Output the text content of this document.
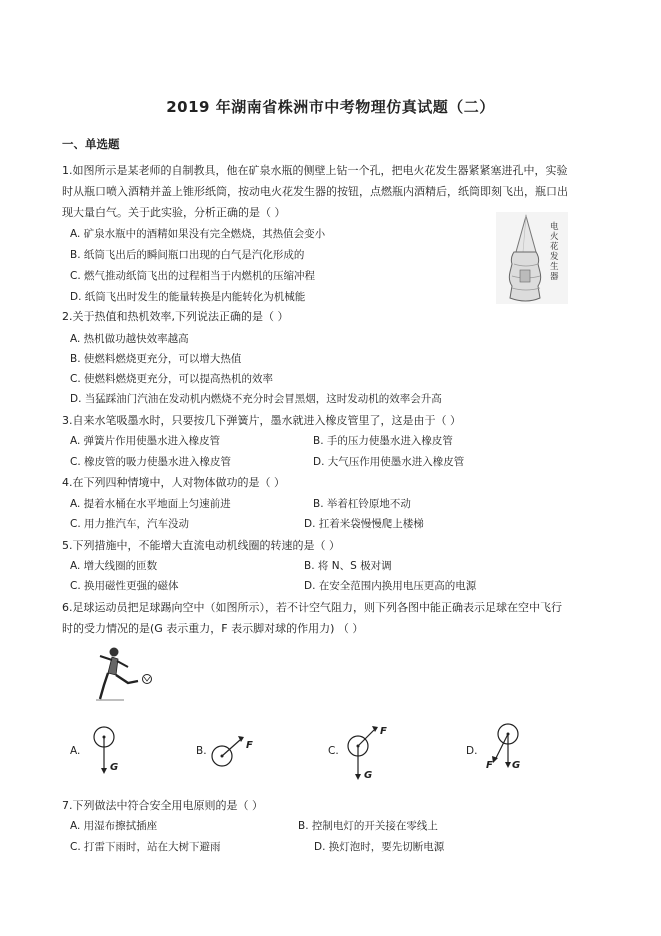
2019 年湖南省株洲市中考物理仿真试题（二）
一、单选题
1.如图所示是某老师的自制教具，他在矿泉水瓶的侧壁上钻一个孔，把电火花发生器紧紧塞进孔中，实验
时从瓶口喷入酒精并盖上锥形纸筒，按动电火花发生器的按钮，点燃瓶内酒精后，纸筒即刻飞出，瓶口出
现大量白气。关于此实验，分析正确的是（ ）
A. 矿泉水瓶中的酒精如果没有完全燃烧，其热值会变小
B. 纸筒飞出后的瞬间瓶口出现的白气是汽化形成的
C. 燃气推动纸筒飞出的过程相当于内燃机的压缩冲程
D. 纸筒飞出时发生的能量转换是内能转化为机械能
电火花发生器
2.关于热值和热机效率,下列说法正确的是（ ）
A. 热机做功越快效率越高
B. 使燃料燃烧更充分，可以增大热值
C. 使燃料燃烧更充分，可以提高热机的效率
D. 当猛踩油门汽油在发动机内燃烧不充分时会冒黑烟，这时发动机的效率会升高
3.自来水笔吸墨水时，只要按几下弹簧片，墨水就进入橡皮管里了，这是由于（ ）
A. 弹簧片作用使墨水进入橡皮管	B. 手的压力使墨水进入橡皮管
C. 橡皮管的吸力使墨水进入橡皮管	D. 大气压作用使墨水进入橡皮管
4.在下列四种情境中，人对物体做功的是（ ）
A. 提着水桶在水平地面上匀速前进	B. 举着杠铃原地不动
C. 用力推汽车，汽车没动	D. 扛着米袋慢慢爬上楼梯
5.下列措施中，不能增大直流电动机线圈的转速的是（ ）
A. 增大线圈的匝数	B. 将 N、S 极对调
C. 换用磁性更强的磁体	D. 在安全范围内换用电压更高的电源
6.足球运动员把足球踢向空中（如图所示），若不计空气阻力，则下列各图中能正确表示足球在空中飞行
时的受力情况的是(G 表示重力，F 表示脚对球的作用力) （ ）
A.
G
B.	F	C.
F
G
D.
F G
7.下列做法中符合安全用电原则的是（ ）
A. 用湿布擦拭插座	B. 控制电灯的开关接在零线上
C. 打雷下雨时，站在大树下避雨	D. 换灯泡时，要先切断电源
